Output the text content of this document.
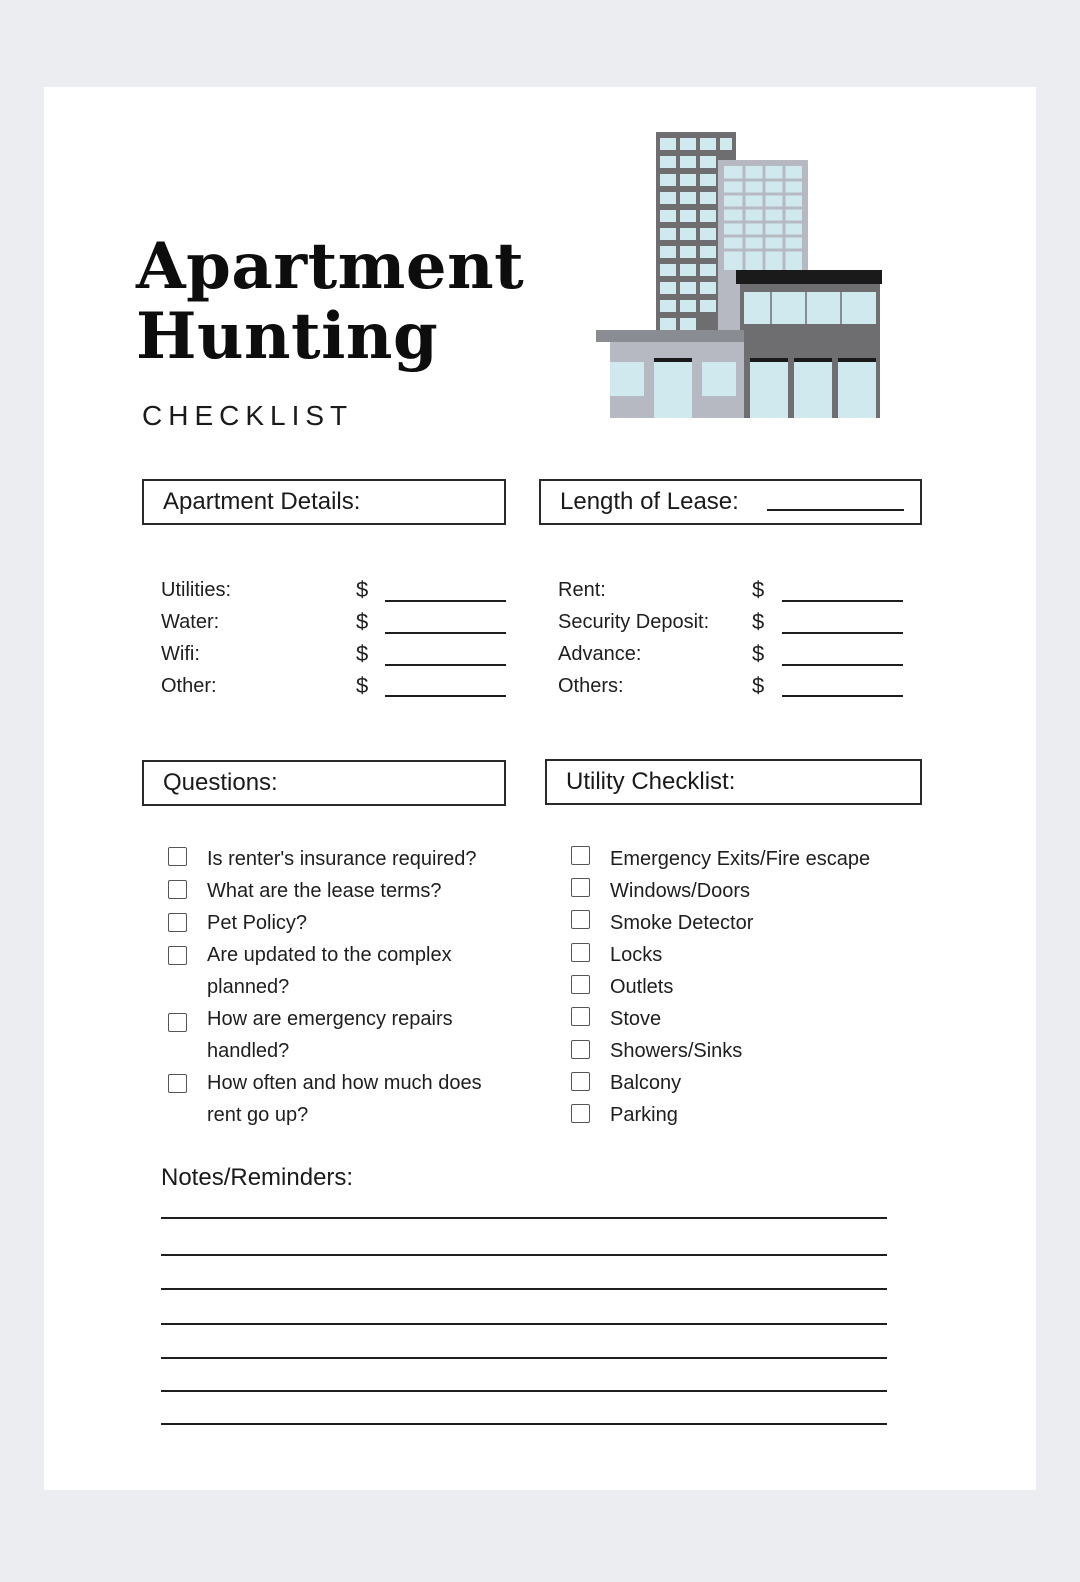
Apartment
Hunting
CHECKLIST
Apartment Details:	Length of Lease:
Utilities:
Water:
Wifi:
Other:
$
$
$
$
Rent:
Security Deposit:
Advance:
Others:
$
$
$
$
Questions:	Utility Checklist:
Is renter's insurance required?
What are the lease terms?
Pet Policy?
Are updated to the complex
planned?
How are emergency repairs
handled?
How often and how much does
rent go up?
Emergency Exits/Fire escape
Windows/Doors
Smoke Detector
Locks
Outlets
Stove
Showers/Sinks
Balcony
Parking
Notes/Reminders:
